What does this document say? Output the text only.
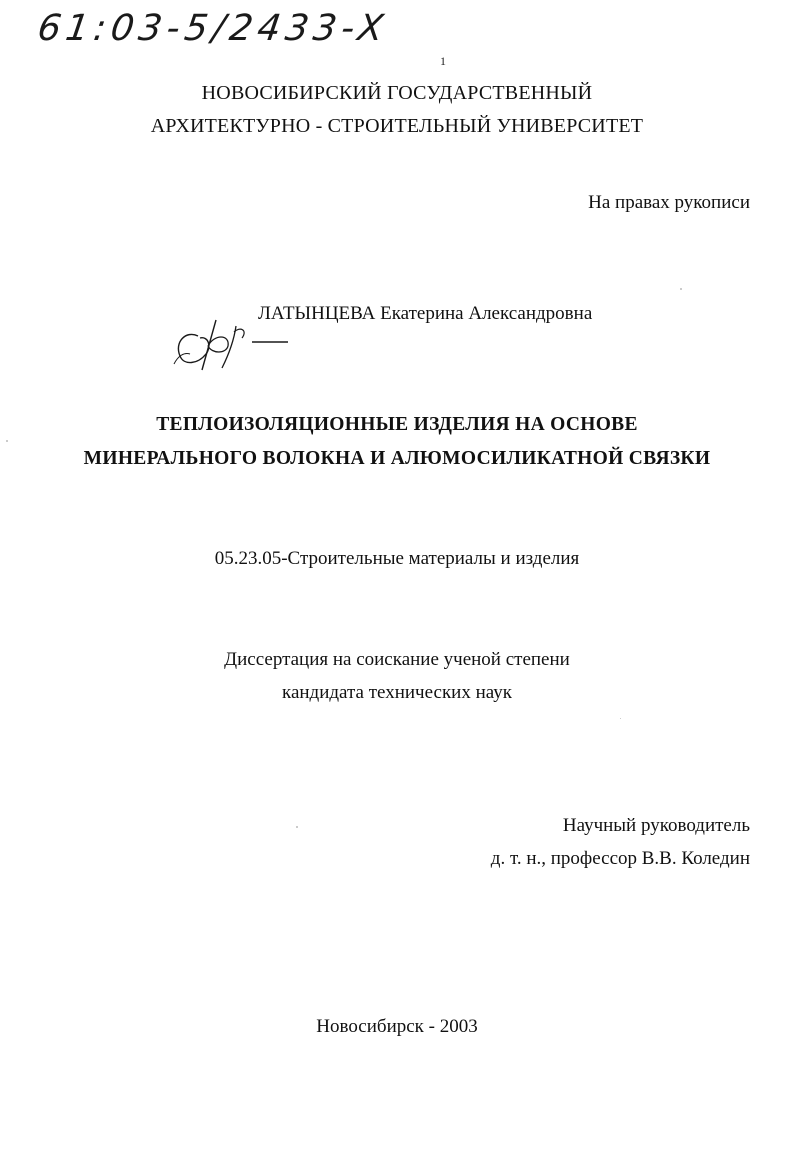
61:03-5/2433-X
1
НОВОСИБИРСКИЙ ГОСУДАРСТВЕННЫЙ
АРХИТЕКТУРНО - СТРОИТЕЛЬНЫЙ УНИВЕРСИТЕТ
На правах рукописи
ЛАТЫНЦЕВА Екатерина Александровна
ТЕПЛОИЗОЛЯЦИОННЫЕ ИЗДЕЛИЯ НА ОСНОВЕ
МИНЕРАЛЬНОГО ВОЛОКНА И АЛЮМОСИЛИКАТНОЙ СВЯЗКИ
05.23.05-Строительные материалы и изделия
Диссертация на соискание ученой степени
кандидата технических наук
Научный руководитель
д. т. н., профессор В.В. Коледин
Новосибирск - 2003
